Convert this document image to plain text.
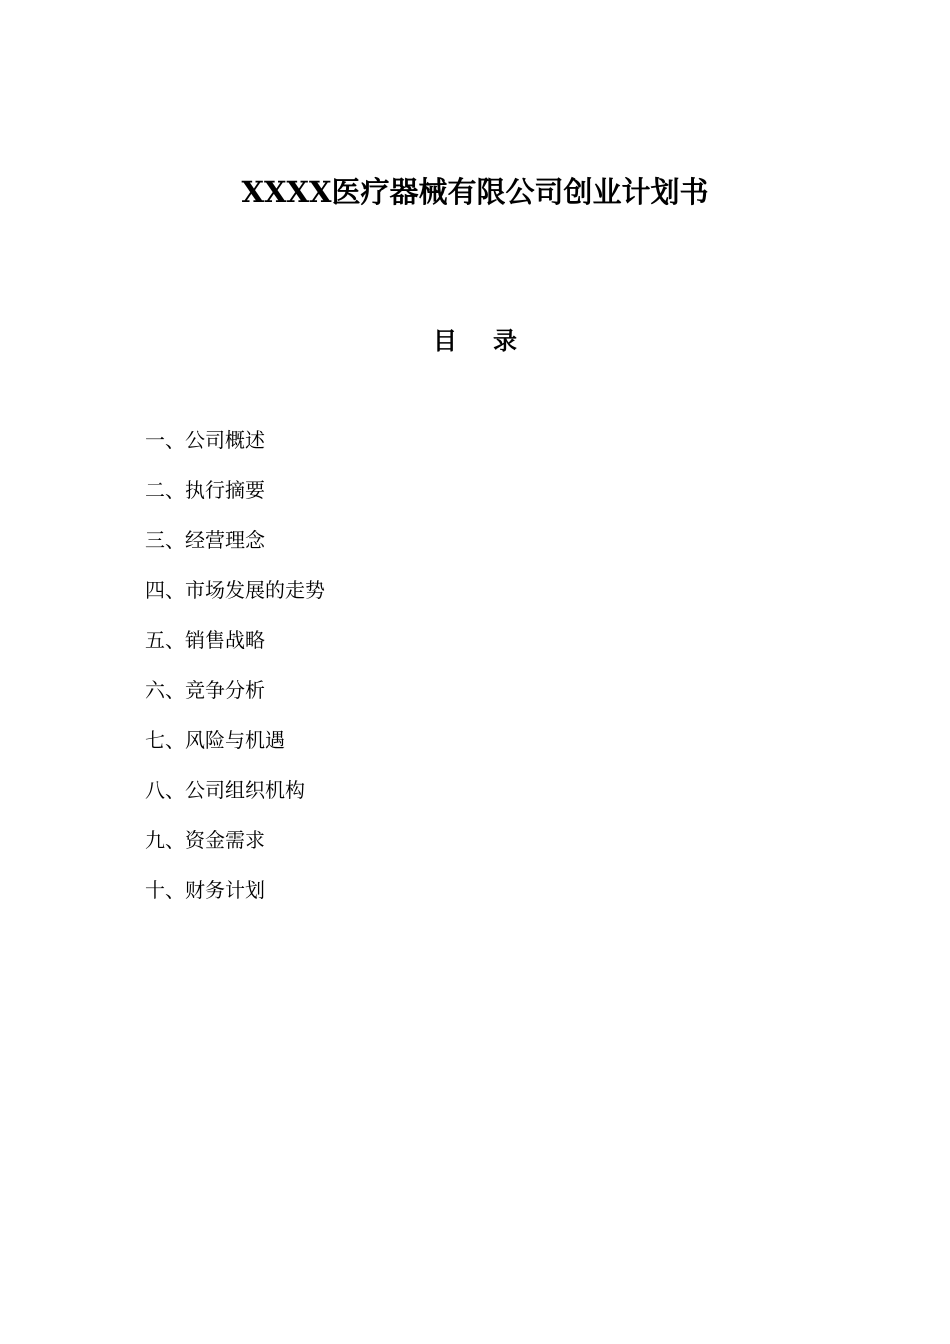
XXXX医疗器械有限公司创业计划书
目 录
一、公司概述
二、执行摘要
三、经营理念
四、市场发展的走势
五、销售战略
六、竞争分析
七、风险与机遇
八、公司组织机构
九、资金需求
十、财务计划
